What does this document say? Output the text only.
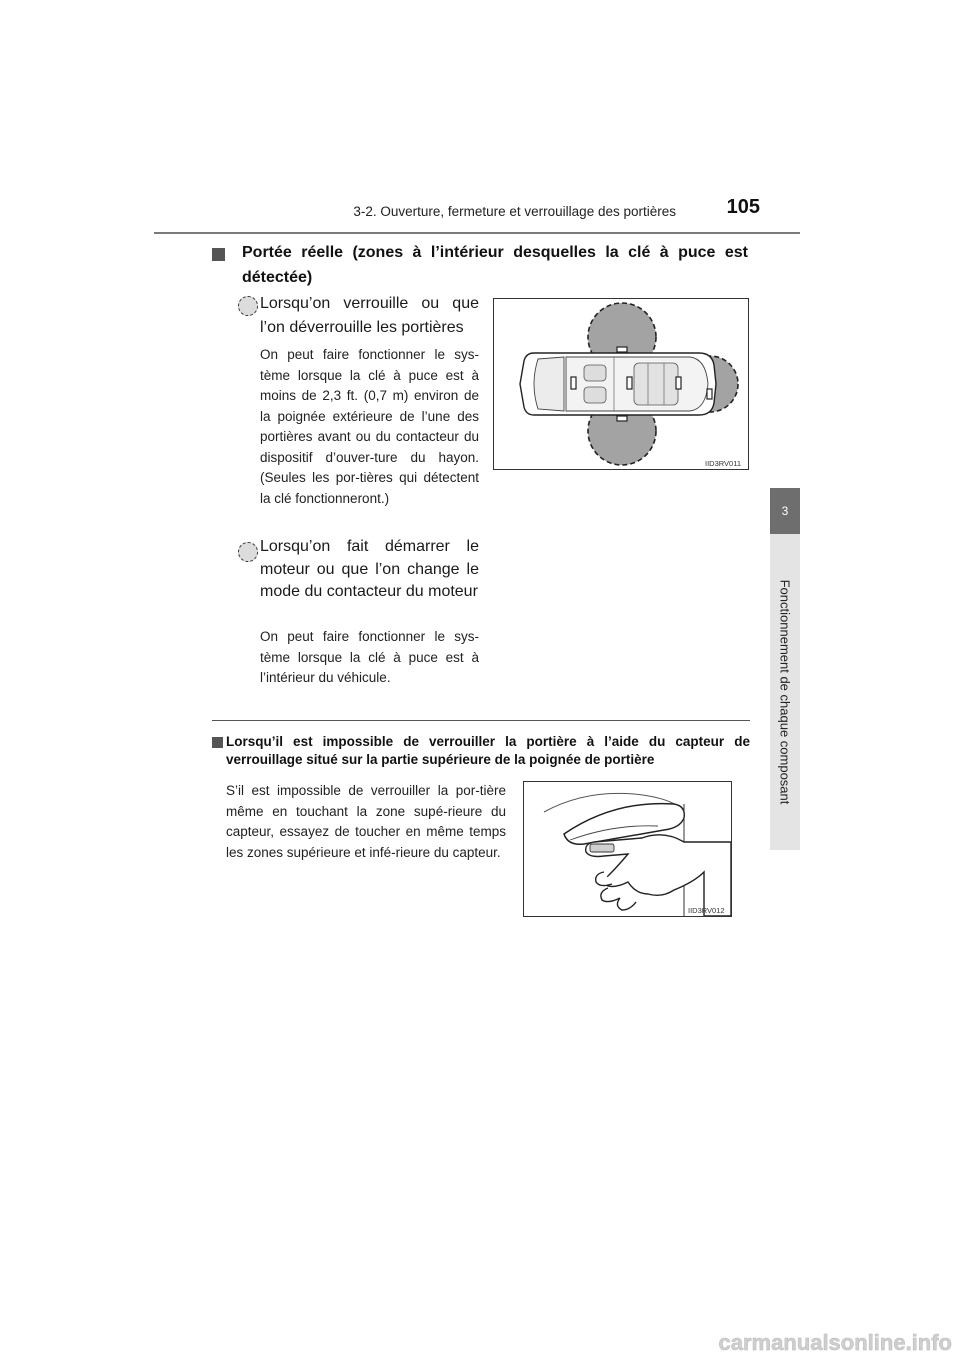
3-2. Ouverture, fermeture et verrouillage des portières	105
3
Fonctionnement de chaque composant
Portée réelle (zones à l’intérieur desquelles la clé à puce est détectée)
Lorsqu’on verrouille ou que
l’on déverrouille les portières
On peut faire fonctionner le sys-tème lorsque la clé à puce est à moins de 2,3 ft. (0,7 m) environ de la poignée extérieure de l’une des portières avant ou du contacteur du dispositif d’ouver-ture du hayon. (Seules les por-tières qui détectent la clé fonctionneront.)
Lorsqu’on fait démarrer le moteur ou que l’on change le mode du contacteur du moteur
On peut faire fonctionner le sys-tème lorsque la clé à puce est à l’intérieur du véhicule.
IID3RV011
Lorsqu’il est impossible de verrouiller la portière à l’aide du capteur de verrouillage situé sur la partie supérieure de la poignée de portière
S’il est impossible de verrouiller la por-tière même en touchant la zone supé-rieure du capteur, essayez de toucher en même temps les zones supérieure et infé-rieure du capteur.
IID3RV012
carmanualsonline.info
